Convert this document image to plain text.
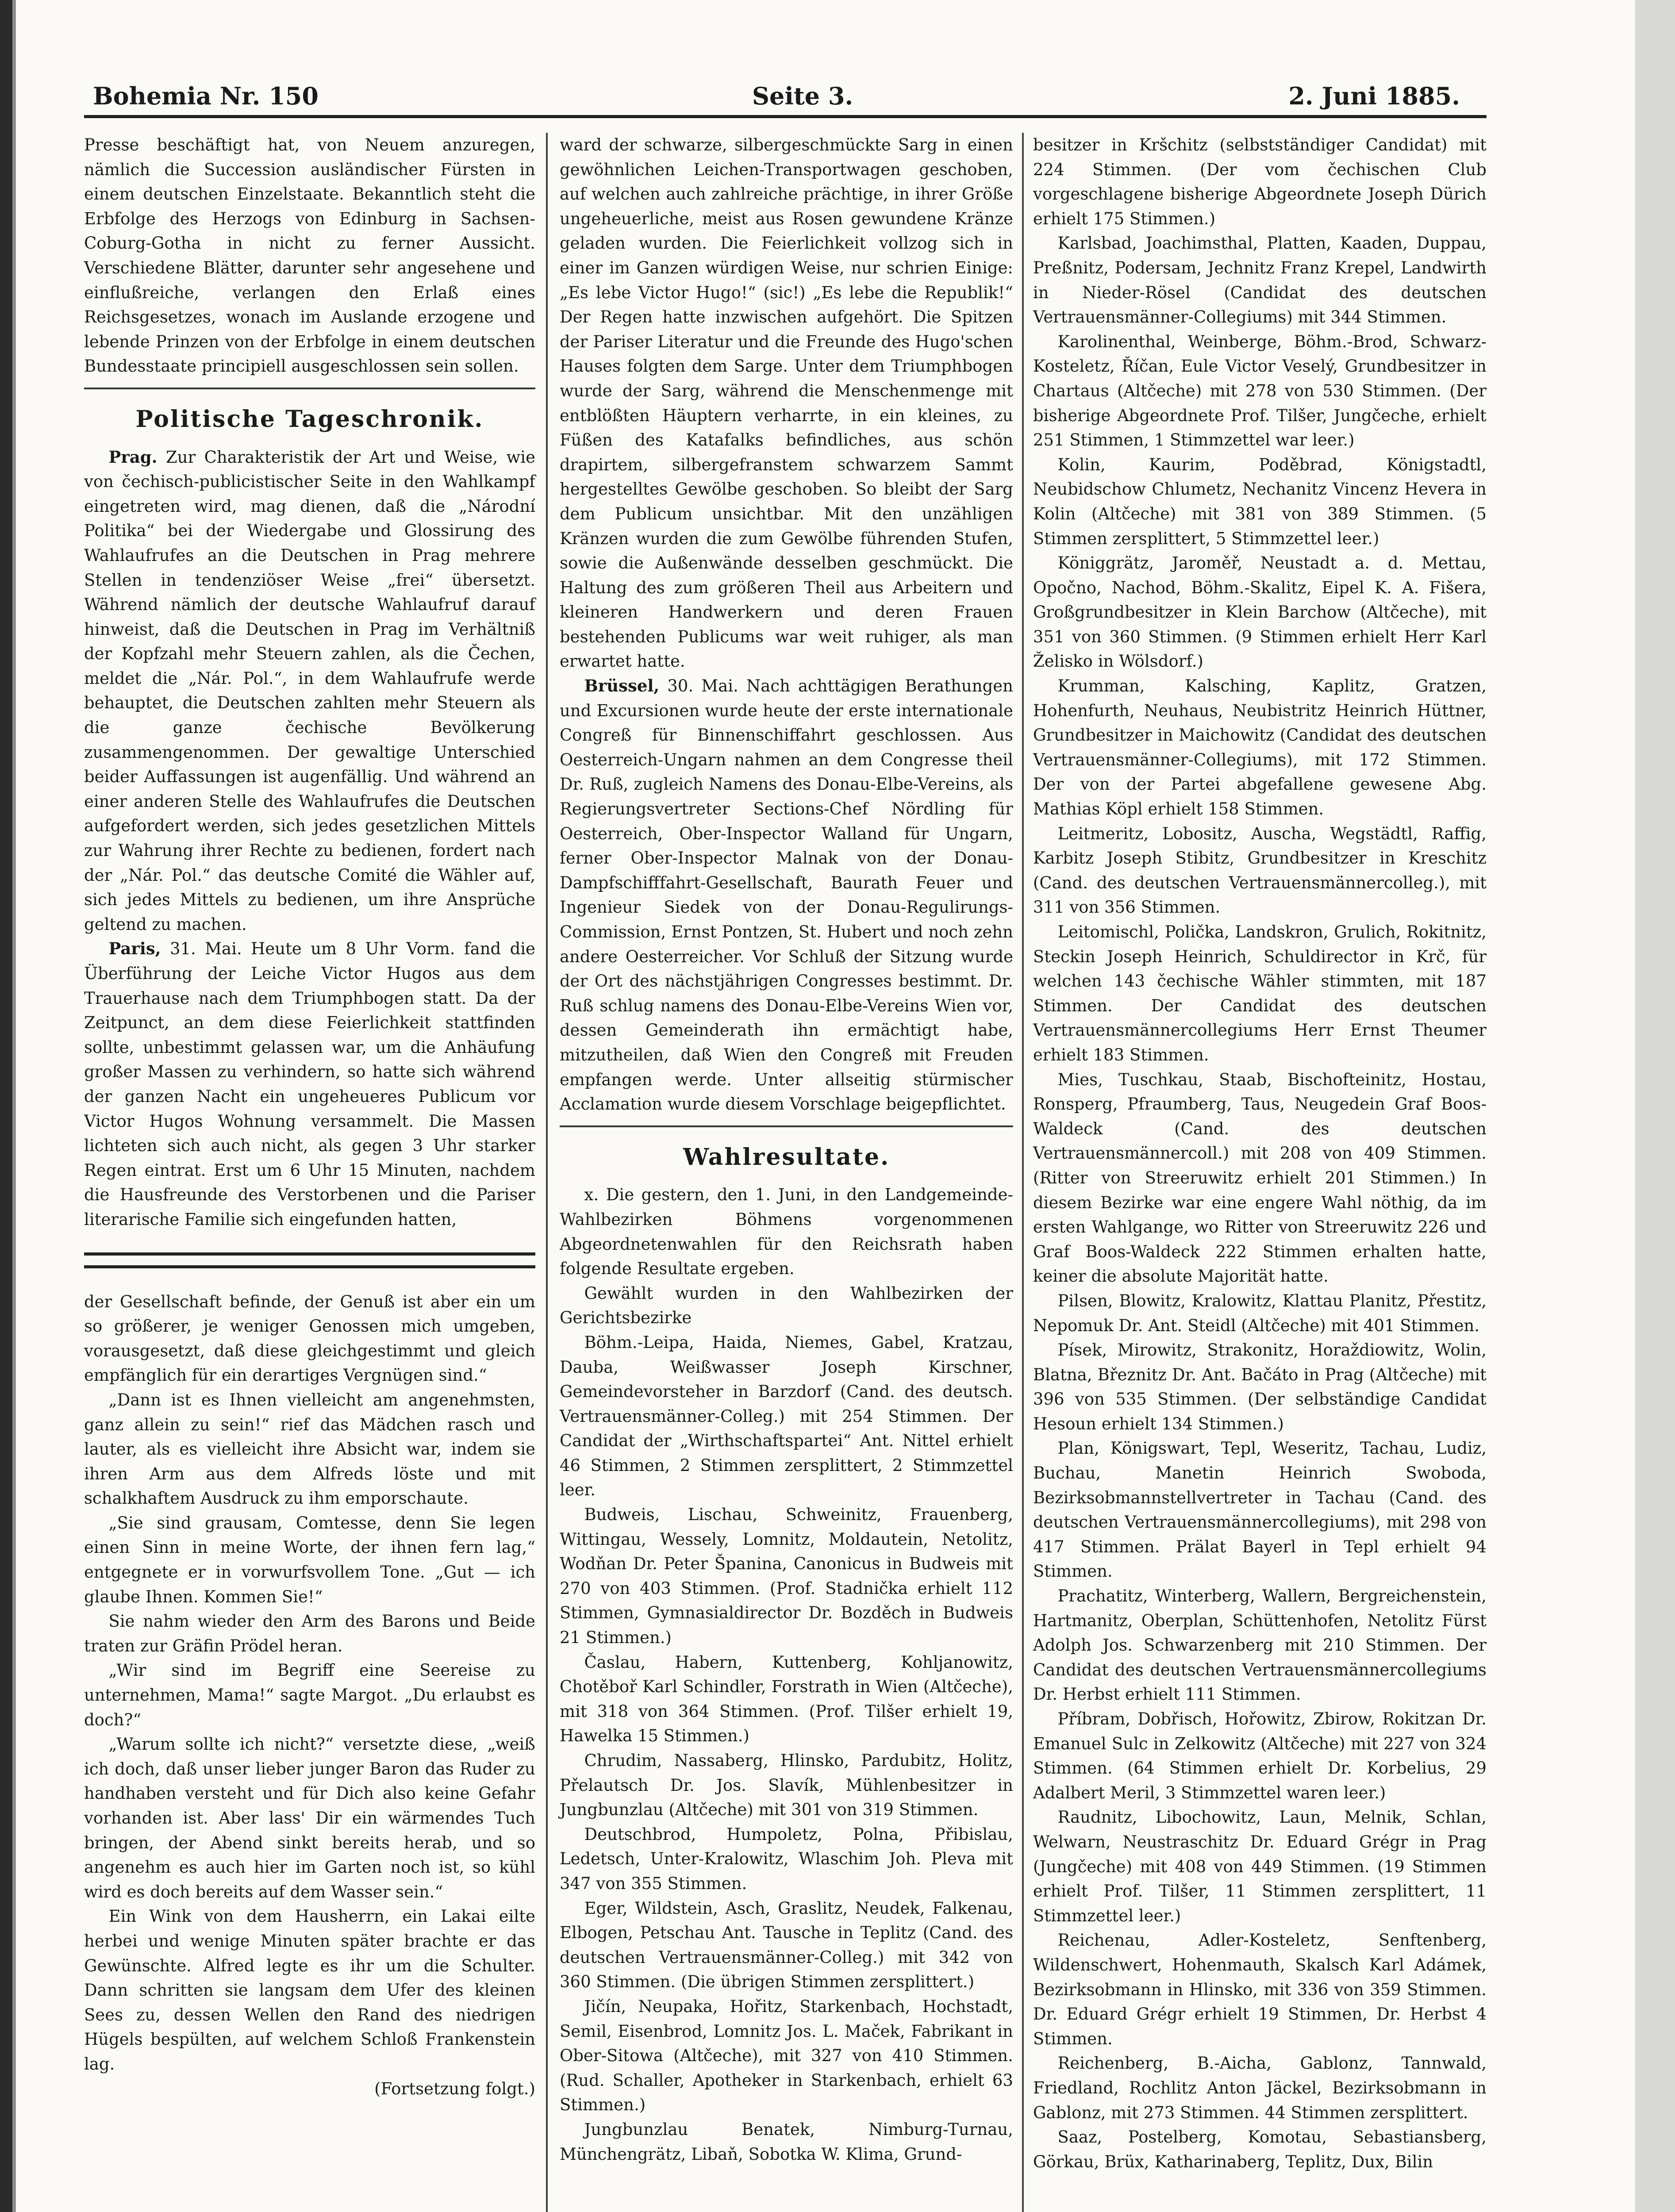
Bohemia Nr. 150	Seite 3.	2. Juni 1885.

Presse beschäftigt hat, von Neuem anzuregen, nämlich die Succession ausländischer Fürsten in einem deutschen Einzelstaate. Bekanntlich steht die Erbfolge des Herzogs von Edinburg in Sachsen-Coburg-Gotha in nicht zu ferner Aussicht. Verschiedene Blätter, darunter sehr angesehene und einflußreiche, verlangen den Erlaß eines Reichsgesetzes, wonach im Auslande erzogene und lebende Prinzen von der Erbfolge in einem deutschen Bundesstaate principiell ausgeschlossen sein sollen.

Politische Tageschronik.

Prag. Zur Charakteristik der Art und Weise, wie von čechisch-publicistischer Seite in den Wahlkampf eingetreten wird, mag dienen, daß die „Národní Politika“ bei der Wiedergabe und Glossirung des Wahlaufrufes an die Deutschen in Prag mehrere Stellen in tendenziöser Weise „frei“ übersetzt. Während nämlich der deutsche Wahlaufruf darauf hinweist, daß die Deutschen in Prag im Verhältniß der Kopfzahl mehr Steuern zahlen, als die Čechen, meldet die „Nár. Pol.“, in dem Wahlaufrufe werde behauptet, die Deutschen zahlten mehr Steuern als die ganze čechische Bevölkerung zusammengenommen. Der gewaltige Unterschied beider Auffassungen ist augenfällig. Und während an einer anderen Stelle des Wahlaufrufes die Deutschen aufgefordert werden, sich jedes gesetzlichen Mittels zur Wahrung ihrer Rechte zu bedienen, fordert nach der „Nár. Pol.“ das deutsche Comité die Wähler auf, sich jedes Mittels zu bedienen, um ihre Ansprüche geltend zu machen.

Paris, 31. Mai. Heute um 8 Uhr Vorm. fand die Überführung der Leiche Victor Hugos aus dem Trauerhause nach dem Triumphbogen statt. Da der Zeitpunct, an dem diese Feierlichkeit stattfinden sollte, unbestimmt gelassen war, um die Anhäufung großer Massen zu verhindern, so hatte sich während der ganzen Nacht ein ungeheueres Publicum vor Victor Hugos Wohnung versammelt. Die Massen lichteten sich auch nicht, als gegen 3 Uhr starker Regen eintrat. Erst um 6 Uhr 15 Minuten, nachdem die Hausfreunde des Verstorbenen und die Pariser literarische Familie sich eingefunden hatten,

der Gesellschaft befinde, der Genuß ist aber ein um so größerer, je weniger Genossen mich umgeben, vorausgesetzt, daß diese gleichgestimmt und gleich empfänglich für ein derartiges Vergnügen sind.“

„Dann ist es Ihnen vielleicht am angenehmsten, ganz allein zu sein!“ rief das Mädchen rasch und lauter, als es vielleicht ihre Absicht war, indem sie ihren Arm aus dem Alfreds löste und mit schalkhaftem Ausdruck zu ihm emporschaute.

„Sie sind grausam, Comtesse, denn Sie legen einen Sinn in meine Worte, der ihnen fern lag,“ entgegnete er in vorwurfsvollem Tone. „Gut — ich glaube Ihnen. Kommen Sie!“

Sie nahm wieder den Arm des Barons und Beide traten zur Gräfin Prödel heran.

„Wir sind im Begriff eine Seereise zu unternehmen, Mama!“ sagte Margot. „Du erlaubst es doch?“

„Warum sollte ich nicht?“ versetzte diese, „weiß ich doch, daß unser lieber junger Baron das Ruder zu handhaben versteht und für Dich also keine Gefahr vorhanden ist. Aber lass' Dir ein wärmendes Tuch bringen, der Abend sinkt bereits herab, und so angenehm es auch hier im Garten noch ist, so kühl wird es doch bereits auf dem Wasser sein.“

Ein Wink von dem Hausherrn, ein Lakai eilte herbei und wenige Minuten später brachte er das Gewünschte. Alfred legte es ihr um die Schulter. Dann schritten sie langsam dem Ufer des kleinen Sees zu, dessen Wellen den Rand des niedrigen Hügels bespülten, auf welchem Schloß Frankenstein lag.

(Fortsetzung folgt.)

ward der schwarze, silbergeschmückte Sarg in einen gewöhnlichen Leichen-Transportwagen geschoben, auf welchen auch zahlreiche prächtige, in ihrer Größe ungeheuerliche, meist aus Rosen gewundene Kränze geladen wurden. Die Feierlichkeit vollzog sich in einer im Ganzen würdigen Weise, nur schrien Einige: „Es lebe Victor Hugo!“ (sic!) „Es lebe die Republik!“ Der Regen hatte inzwischen aufgehört. Die Spitzen der Pariser Literatur und die Freunde des Hugo'schen Hauses folgten dem Sarge. Unter dem Triumphbogen wurde der Sarg, während die Menschenmenge mit entblößten Häuptern verharrte, in ein kleines, zu Füßen des Katafalks befindliches, aus schön drapirtem, silbergefranstem schwarzem Sammt hergestelltes Gewölbe geschoben. So bleibt der Sarg dem Publicum unsichtbar. Mit den unzähligen Kränzen wurden die zum Gewölbe führenden Stufen, sowie die Außenwände desselben geschmückt. Die Haltung des zum größeren Theil aus Arbeitern und kleineren Handwerkern und deren Frauen bestehenden Publicums war weit ruhiger, als man erwartet hatte.

Brüssel, 30. Mai. Nach achttägigen Berathungen und Excursionen wurde heute der erste internationale Congreß für Binnenschiffahrt geschlossen. Aus Oesterreich-Ungarn nahmen an dem Congresse theil Dr. Ruß, zugleich Namens des Donau-Elbe-Vereins, als Regierungsvertreter Sections-Chef Nördling für Oesterreich, Ober-Inspector Walland für Ungarn, ferner Ober-Inspector Malnak von der Donau-Dampfschifffahrt-Gesellschaft, Baurath Feuer und Ingenieur Siedek von der Donau-Regulirungs-Commission, Ernst Pontzen, St. Hubert und noch zehn andere Oesterreicher. Vor Schluß der Sitzung wurde der Ort des nächstjährigen Congresses bestimmt. Dr. Ruß schlug namens des Donau-Elbe-Vereins Wien vor, dessen Gemeinderath ihn ermächtigt habe, mitzutheilen, daß Wien den Congreß mit Freuden empfangen werde. Unter allseitig stürmischer Acclamation wurde diesem Vorschlage beigepflichtet.

Wahlresultate.

x. Die gestern, den 1. Juni, in den Landgemeinde-Wahlbezirken Böhmens vorgenommenen Abgeordnetenwahlen für den Reichsrath haben folgende Resultate ergeben.

Gewählt wurden in den Wahlbezirken der Gerichtsbezirke

Böhm.-Leipa, Haida, Niemes, Gabel, Kratzau, Dauba, Weißwasser Joseph Kirschner, Gemeindevorsteher in Barzdorf (Cand. des deutsch. Vertrauensmänner-Colleg.) mit 254 Stimmen. Der Candidat der „Wirthschaftspartei“ Ant. Nittel erhielt 46 Stimmen, 2 Stimmen zersplittert, 2 Stimmzettel leer.

Budweis, Lischau, Schweinitz, Frauenberg, Wittingau, Wessely, Lomnitz, Moldautein, Netolitz, Wodňan Dr. Peter Španina, Canonicus in Budweis mit 270 von 403 Stimmen. (Prof. Stadnička erhielt 112 Stimmen, Gymnasialdirector Dr. Bozděch in Budweis 21 Stimmen.)

Časlau, Habern, Kuttenberg, Kohljanowitz, Chotěboř Karl Schindler, Forstrath in Wien (Altčeche), mit 318 von 364 Stimmen. (Prof. Tilšer erhielt 19, Hawelka 15 Stimmen.)

Chrudim, Nassaberg, Hlinsko, Pardubitz, Holitz, Přelautsch Dr. Jos. Slavík, Mühlenbesitzer in Jungbunzlau (Altčeche) mit 301 von 319 Stimmen.

Deutschbrod, Humpoletz, Polna, Přibislau, Ledetsch, Unter-Kralowitz, Wlaschim Joh. Pleva mit 347 von 355 Stimmen.

Eger, Wildstein, Asch, Graslitz, Neudek, Falkenau, Elbogen, Petschau Ant. Tausche in Teplitz (Cand. des deutschen Vertrauensmänner-Colleg.) mit 342 von 360 Stimmen. (Die übrigen Stimmen zersplittert.)

Jičín, Neupaka, Hořitz, Starkenbach, Hochstadt, Semil, Eisenbrod, Lomnitz Jos. L. Maček, Fabrikant in Ober-Sitowa (Altčeche), mit 327 von 410 Stimmen. (Rud. Schaller, Apotheker in Starkenbach, erhielt 63 Stimmen.)

Jungbunzlau Benatek, Nimburg-Turnau, Münchengrätz, Libaň, Sobotka W. Klima, Grund-

besitzer in Kršchitz (selbstständiger Candidat) mit 224 Stimmen. (Der vom čechischen Club vorgeschlagene bisherige Abgeordnete Joseph Dürich erhielt 175 Stimmen.)

Karlsbad, Joachimsthal, Platten, Kaaden, Duppau, Preßnitz, Podersam, Jechnitz Franz Krepel, Landwirth in Nieder-Rösel (Candidat des deutschen Vertrauensmänner-Collegiums) mit 344 Stimmen.

Karolinenthal, Weinberge, Böhm.-Brod, Schwarz-Kosteletz, Říčan, Eule Victor Veselý, Grundbesitzer in Chartaus (Altčeche) mit 278 von 530 Stimmen. (Der bisherige Abgeordnete Prof. Tilšer, Jungčeche, erhielt 251 Stimmen, 1 Stimmzettel war leer.)

Kolin, Kaurim, Poděbrad, Königstadtl, Neubidschow Chlumetz, Nechanitz Vincenz Hevera in Kolin (Altčeche) mit 381 von 389 Stimmen. (5 Stimmen zersplittert, 5 Stimmzettel leer.)

Königgrätz, Jaroměř, Neustadt a. d. Mettau, Opočno, Nachod, Böhm.-Skalitz, Eipel K. A. Fišera, Großgrundbesitzer in Klein Barchow (Altčeche), mit 351 von 360 Stimmen. (9 Stimmen erhielt Herr Karl Želisko in Wölsdorf.)

Krumman, Kalsching, Kaplitz, Gratzen, Hohenfurth, Neuhaus, Neubistritz Heinrich Hüttner, Grundbesitzer in Maichowitz (Candidat des deutschen Vertrauensmänner-Collegiums), mit 172 Stimmen. Der von der Partei abgefallene gewesene Abg. Mathias Köpl erhielt 158 Stimmen.

Leitmeritz, Lobositz, Auscha, Wegstädtl, Raffig, Karbitz Joseph Stibitz, Grundbesitzer in Kreschitz (Cand. des deutschen Vertrauensmännercolleg.), mit 311 von 356 Stimmen.

Leitomischl, Polička, Landskron, Grulich, Rokitnitz, Steckin Joseph Heinrich, Schuldirector in Krč, für welchen 143 čechische Wähler stimmten, mit 187 Stimmen. Der Candidat des deutschen Vertrauensmännercollegiums Herr Ernst Theumer erhielt 183 Stimmen.

Mies, Tuschkau, Staab, Bischofteinitz, Hostau, Ronsperg, Pfraumberg, Taus, Neugedein Graf Boos-Waldeck (Cand. des deutschen Vertrauensmännercoll.) mit 208 von 409 Stimmen. (Ritter von Streeruwitz erhielt 201 Stimmen.) In diesem Bezirke war eine engere Wahl nöthig, da im ersten Wahlgange, wo Ritter von Streeruwitz 226 und Graf Boos-Waldeck 222 Stimmen erhalten hatte, keiner die absolute Majorität hatte.

Pilsen, Blowitz, Kralowitz, Klattau Planitz, Přestitz, Nepomuk Dr. Ant. Steidl (Altčeche) mit 401 Stimmen.

Písek, Mirowitz, Strakonitz, Horaždiowitz, Wolin, Blatna, Březnitz Dr. Ant. Bačáto in Prag (Altčeche) mit 396 von 535 Stimmen. (Der selbständige Candidat Hesoun erhielt 134 Stimmen.)

Plan, Königswart, Tepl, Weseritz, Tachau, Ludiz, Buchau, Manetin Heinrich Swoboda, Bezirksobmannstellvertreter in Tachau (Cand. des deutschen Vertrauensmännercollegiums), mit 298 von 417 Stimmen. Prälat Bayerl in Tepl erhielt 94 Stimmen.

Prachatitz, Winterberg, Wallern, Bergreichenstein, Hartmanitz, Oberplan, Schüttenhofen, Netolitz Fürst Adolph Jos. Schwarzenberg mit 210 Stimmen. Der Candidat des deutschen Vertrauensmännercollegiums Dr. Herbst erhielt 111 Stimmen.

Příbram, Dobřisch, Hořowitz, Zbirow, Rokitzan Dr. Emanuel Sulc in Zelkowitz (Altčeche) mit 227 von 324 Stimmen. (64 Stimmen erhielt Dr. Korbelius, 29 Adalbert Meril, 3 Stimmzettel waren leer.)

Raudnitz, Libochowitz, Laun, Melnik, Schlan, Welwarn, Neustraschitz Dr. Eduard Grégr in Prag (Jungčeche) mit 408 von 449 Stimmen. (19 Stimmen erhielt Prof. Tilšer, 11 Stimmen zersplittert, 11 Stimmzettel leer.)

Reichenau, Adler-Kosteletz, Senftenberg, Wildenschwert, Hohenmauth, Skalsch Karl Adámek, Bezirksobmann in Hlinsko, mit 336 von 359 Stimmen. Dr. Eduard Grégr erhielt 19 Stimmen, Dr. Herbst 4 Stimmen.

Reichenberg, B.-Aicha, Gablonz, Tannwald, Friedland, Rochlitz Anton Jäckel, Bezirksobmann in Gablonz, mit 273 Stimmen. 44 Stimmen zersplittert.

Saaz, Postelberg, Komotau, Sebastiansberg, Görkau, Brüx, Katharinaberg, Teplitz, Dux, Bilin
